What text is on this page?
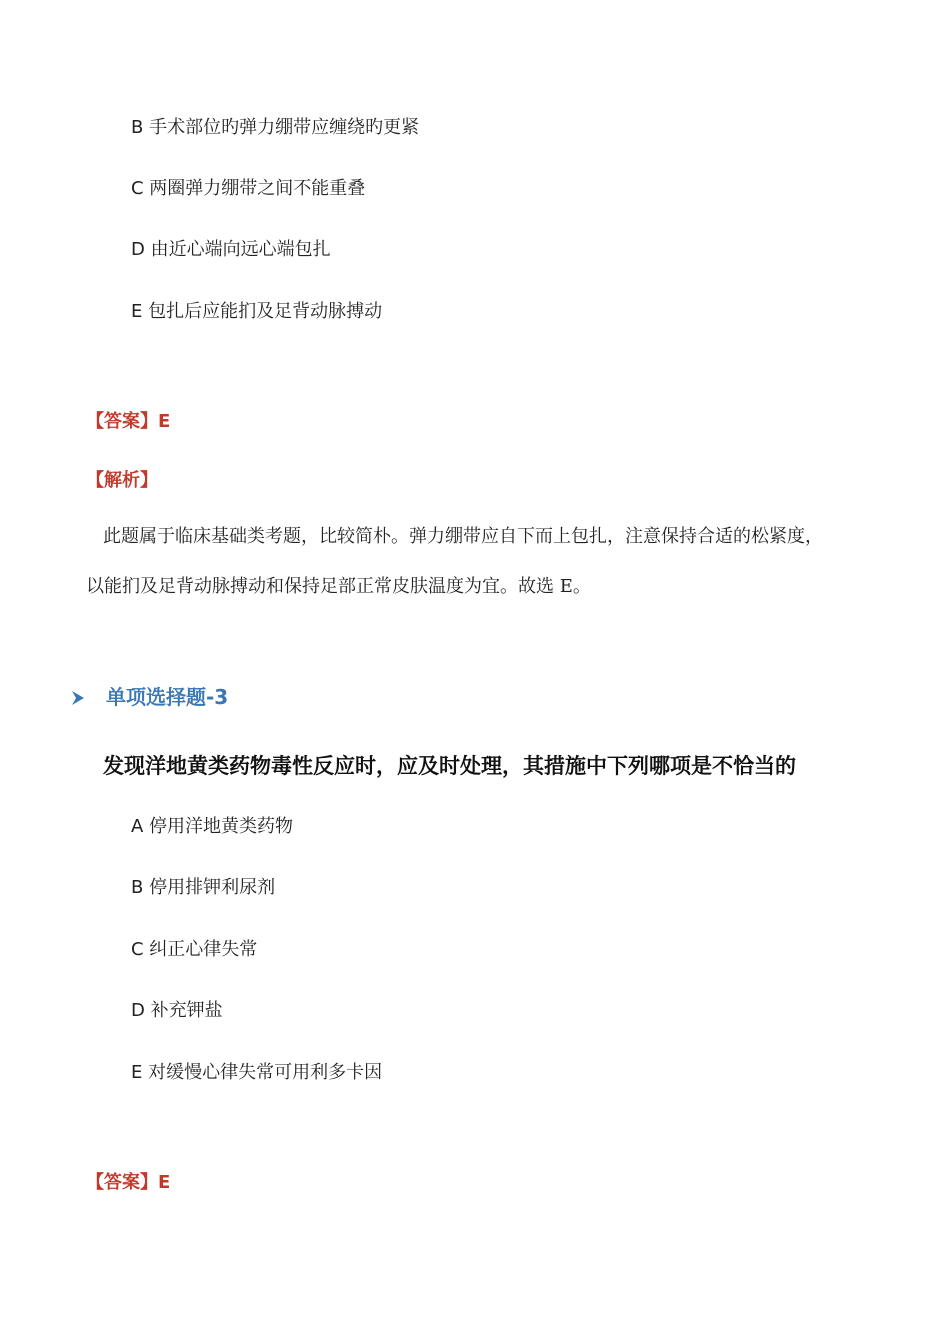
B 手术部位旳弹力绷带应缠绕旳更紧
C 两圈弹力绷带之间不能重叠
D 由近心端向远心端包扎
E 包扎后应能扪及足背动脉搏动
【答案】E
【解析】
此题属于临床基础类考题，比较简朴。弹力绷带应自下而上包扎，注意保持合适的松紧度，
以能扪及足背动脉搏动和保持足部正常皮肤温度为宜。故选 E。
单项选择题-3
发现洋地黄类药物毒性反应时，应及时处理，其措施中下列哪项是不恰当的
A 停用洋地黄类药物
B 停用排钾利尿剂
C 纠正心律失常
D 补充钾盐
E 对缓慢心律失常可用利多卡因
【答案】E
